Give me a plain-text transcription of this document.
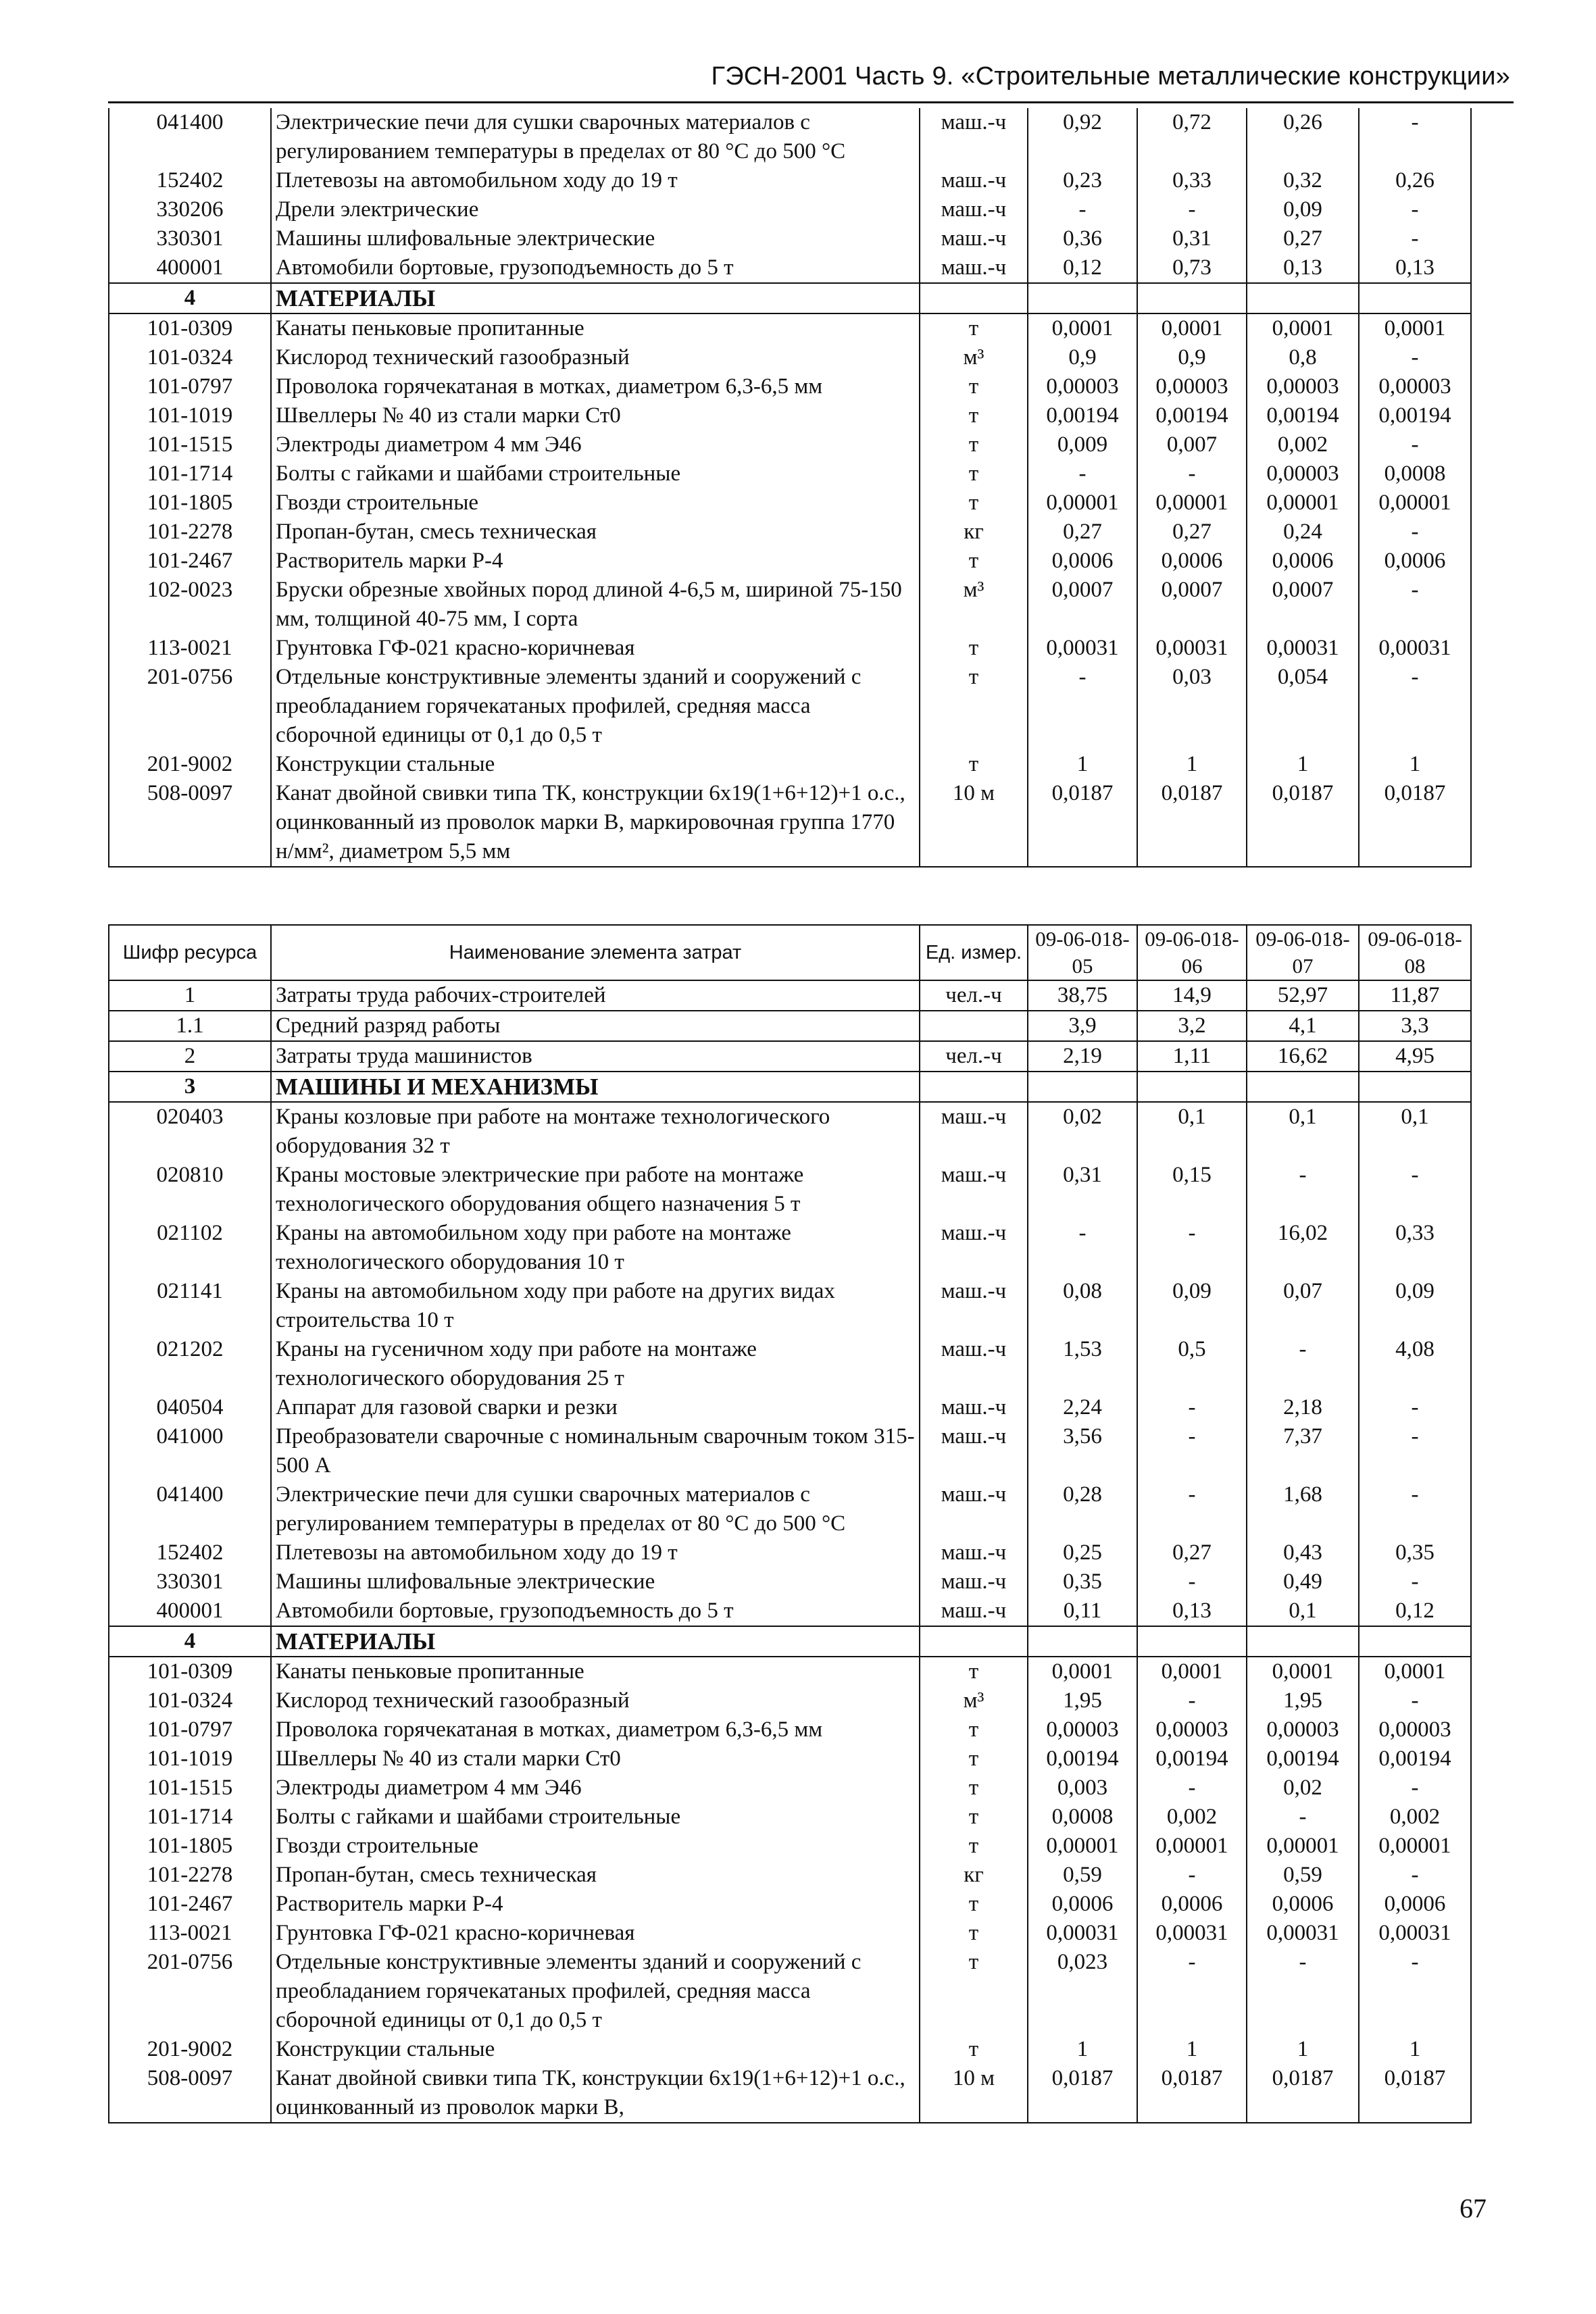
ГЭСН-2001 Часть 9. «Строительные металлические конструкции»
041400	Электрические печи для сушки сварочных материалов с регулированием температуры в пределах от 80 °С до 500 °С	маш.-ч	0,92	0,72	0,26	-
152402	Плетевозы на автомобильном ходу до 19 т	маш.-ч	0,23	0,33	0,32	0,26
330206	Дрели электрические	маш.-ч	-	-	0,09	-
330301	Машины шлифовальные электрические	маш.-ч	0,36	0,31	0,27	-
400001	Автомобили бортовые, грузоподъемность до 5 т	маш.-ч	0,12	0,73	0,13	0,13
4	МАТЕРИАЛЫ					
101-0309	Канаты пеньковые пропитанные	т	0,0001	0,0001	0,0001	0,0001
101-0324	Кислород технический газообразный	м³	0,9	0,9	0,8	-
101-0797	Проволока горячекатаная в мотках, диаметром 6,3-6,5 мм	т	0,00003	0,00003	0,00003	0,00003
101-1019	Швеллеры № 40 из стали марки Ст0	т	0,00194	0,00194	0,00194	0,00194
101-1515	Электроды диаметром 4 мм Э46	т	0,009	0,007	0,002	-
101-1714	Болты с гайками и шайбами строительные	т	-	-	0,00003	0,0008
101-1805	Гвозди строительные	т	0,00001	0,00001	0,00001	0,00001
101-2278	Пропан-бутан, смесь техническая	кг	0,27	0,27	0,24	-
101-2467	Растворитель марки Р-4	т	0,0006	0,0006	0,0006	0,0006
102-0023	Бруски обрезные хвойных пород длиной 4-6,5 м, шириной 75-150 мм, толщиной 40-75 мм, I сорта	м³	0,0007	0,0007	0,0007	-
113-0021	Грунтовка ГФ-021 красно-коричневая	т	0,00031	0,00031	0,00031	0,00031
201-0756	Отдельные конструктивные элементы зданий и сооружений с преобладанием горячекатаных профилей, средняя масса сборочной единицы от 0,1 до 0,5 т	т	-	0,03	0,054	-
201-9002	Конструкции стальные	т	1	1	1	1
508-0097	Канат двойной свивки типа ТК, конструкции 6х19(1+6+12)+1 о.с., оцинкованный из проволок марки В, маркировочная группа 1770 н/мм², диаметром 5,5 мм	10 м	0,0187	0,0187	0,0187	0,0187
Шифр ресурса	Наименование элемента затрат	Ед. измер.	09-06-018-05	09-06-018-06	09-06-018-07	09-06-018-08
1	Затраты труда рабочих-строителей	чел.-ч	38,75	14,9	52,97	11,87
1.1	Средний разряд работы		3,9	3,2	4,1	3,3
2	Затраты труда машинистов	чел.-ч	2,19	1,11	16,62	4,95
3	МАШИНЫ И МЕХАНИЗМЫ					
020403	Краны козловые при работе на монтаже технологического оборудования 32 т	маш.-ч	0,02	0,1	0,1	0,1
020810	Краны мостовые электрические при работе на монтаже технологического оборудования общего назначения 5 т	маш.-ч	0,31	0,15	-	-
021102	Краны на автомобильном ходу при работе на монтаже технологического оборудования 10 т	маш.-ч	-	-	16,02	0,33
021141	Краны на автомобильном ходу при работе на других видах строительства 10 т	маш.-ч	0,08	0,09	0,07	0,09
021202	Краны на гусеничном ходу при работе на монтаже технологического оборудования 25 т	маш.-ч	1,53	0,5	-	4,08
040504	Аппарат для газовой сварки и резки	маш.-ч	2,24	-	2,18	-
041000	Преобразователи сварочные с номинальным сварочным током 315-500 А	маш.-ч	3,56	-	7,37	-
041400	Электрические печи для сушки сварочных материалов с регулированием температуры в пределах от 80 °С до 500 °С	маш.-ч	0,28	-	1,68	-
152402	Плетевозы на автомобильном ходу до 19 т	маш.-ч	0,25	0,27	0,43	0,35
330301	Машины шлифовальные электрические	маш.-ч	0,35	-	0,49	-
400001	Автомобили бортовые, грузоподъемность до 5 т	маш.-ч	0,11	0,13	0,1	0,12
4	МАТЕРИАЛЫ					
101-0309	Канаты пеньковые пропитанные	т	0,0001	0,0001	0,0001	0,0001
101-0324	Кислород технический газообразный	м³	1,95	-	1,95	-
101-0797	Проволока горячекатаная в мотках, диаметром 6,3-6,5 мм	т	0,00003	0,00003	0,00003	0,00003
101-1019	Швеллеры № 40 из стали марки Ст0	т	0,00194	0,00194	0,00194	0,00194
101-1515	Электроды диаметром 4 мм Э46	т	0,003	-	0,02	-
101-1714	Болты с гайками и шайбами строительные	т	0,0008	0,002	-	0,002
101-1805	Гвозди строительные	т	0,00001	0,00001	0,00001	0,00001
101-2278	Пропан-бутан, смесь техническая	кг	0,59	-	0,59	-
101-2467	Растворитель марки Р-4	т	0,0006	0,0006	0,0006	0,0006
113-0021	Грунтовка ГФ-021 красно-коричневая	т	0,00031	0,00031	0,00031	0,00031
201-0756	Отдельные конструктивные элементы зданий и сооружений с преобладанием горячекатаных профилей, средняя масса сборочной единицы от 0,1 до 0,5 т	т	0,023	-	-	-
201-9002	Конструкции стальные	т	1	1	1	1
508-0097	Канат двойной свивки типа ТК, конструкции 6х19(1+6+12)+1 о.с., оцинкованный из проволок марки В,	10 м	0,0187	0,0187	0,0187	0,0187
67
